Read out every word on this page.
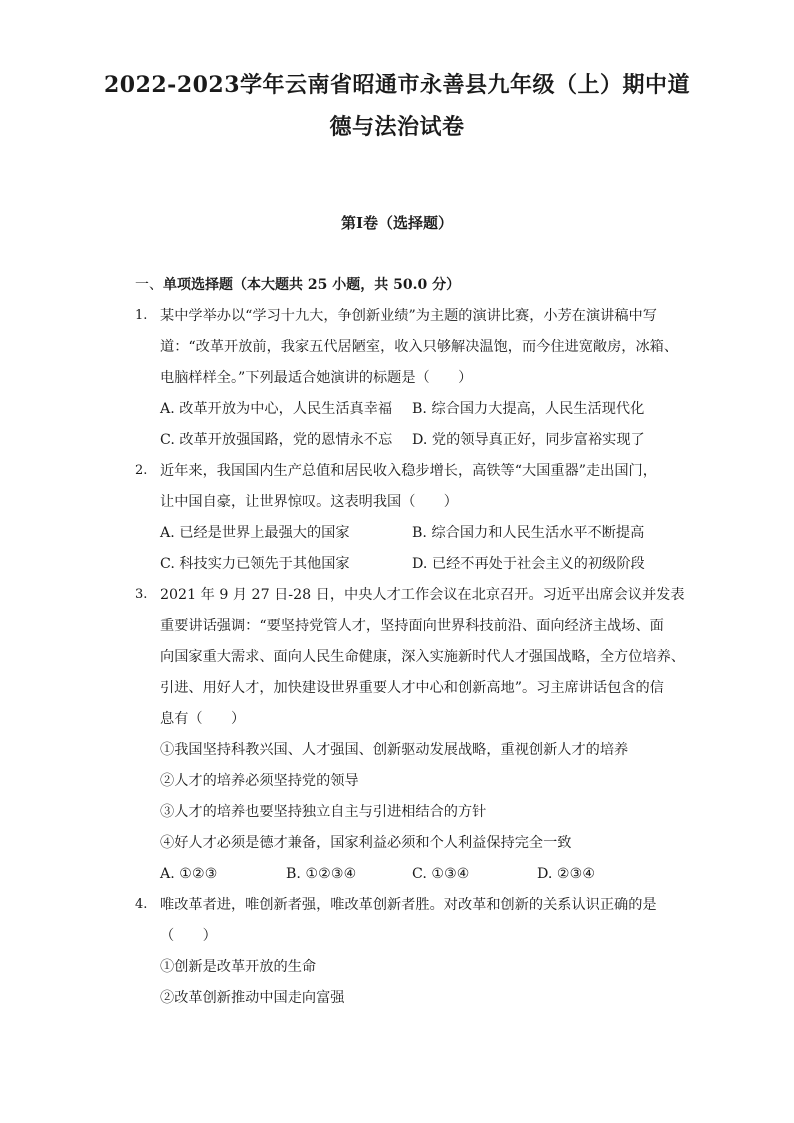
2022-2023学年云南省昭通市永善县九年级（上）期中道
德与法治试卷
第Ⅰ卷（选择题）
一、单项选择题（本大题共 25 小题，共 50.0 分）
1. 某中学举办以“学习十九大，争创新业绩”为主题的演讲比赛，小芳在演讲稿中写
道：“改革开放前，我家五代居陋室，收入只够解决温饱，而今住进宽敞房，冰箱、
电脑样样全。”下列最适合她演讲的标题是（　　）
A. 改革开放为中心，人民生活真幸福 B. 综合国力大提高，人民生活现代化
C. 改革开放强国路，党的恩情永不忘 D. 党的领导真正好，同步富裕实现了
2. 近年来，我国国内生产总值和居民收入稳步增长，高铁等“大国重器”走出国门，
让中国自豪，让世界惊叹。这表明我国（　　）
A. 已经是世界上最强大的国家	B. 综合国力和人民生活水平不断提高
C. 科技实力已领先于其他国家	D. 已经不再处于社会主义的初级阶段
3. 2021 年 9 月 27 日-28 日，中央人才工作会议在北京召开。习近平出席会议并发表
重要讲话强调：“要坚持党管人才，坚持面向世界科技前沿、面向经济主战场、面
向国家重大需求、面向人民生命健康，深入实施新时代人才强国战略，全方位培养、
引进、用好人才，加快建设世界重要人才中心和创新高地”。习主席讲话包含的信
息有（　　）
①我国坚持科教兴国、人才强国、创新驱动发展战略，重视创新人才的培养
②人才的培养必须坚持党的领导
③人才的培养也要坚持独立自主与引进相结合的方针
④好人才必须是德才兼备，国家利益必须和个人利益保持完全一致
A. ①②③	B. ①②③④	C. ①③④	D. ②③④
4. 唯改革者进，唯创新者强，唯改革创新者胜。对改革和创新的关系认识正确的是
（　　）
①创新是改革开放的生命
②改革创新推动中国走向富强
